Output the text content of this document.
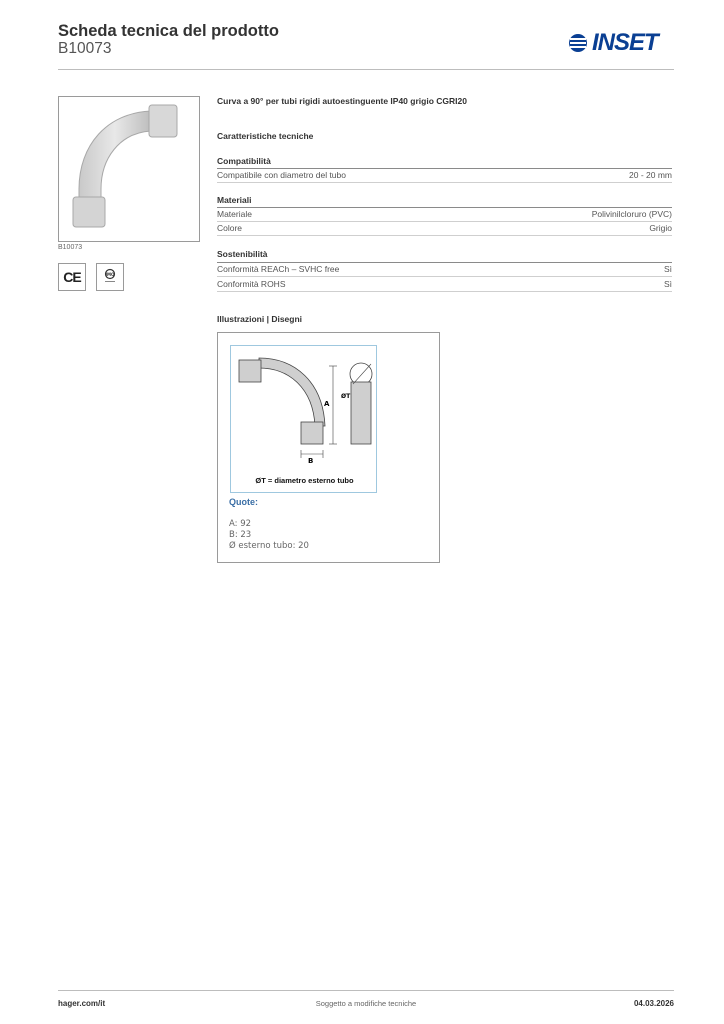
Scheda tecnica del prodotto
B10073	INSET
B10073
CE	IMQ
Curva a 90° per tubi rigidi autoestinguente IP40 grigio CGRI20
Caratteristiche tecniche
Compatibilità
Compatibile con diametro del tubo	20 - 20 mm
Materiali
Materiale	Polivinilcloruro (PVC)
Colore	Grigio
Sostenibilità
Conformità REACh – SVHC free	Sì
Conformità ROHS	Sì
Illustrazioni | Disegni
A
B
ØT
ØT = diametro esterno tubo
Quote:
A: 92
B: 23
Ø esterno tubo: 20
hager.com/it	Soggetto a modifiche tecniche	04.03.2026
